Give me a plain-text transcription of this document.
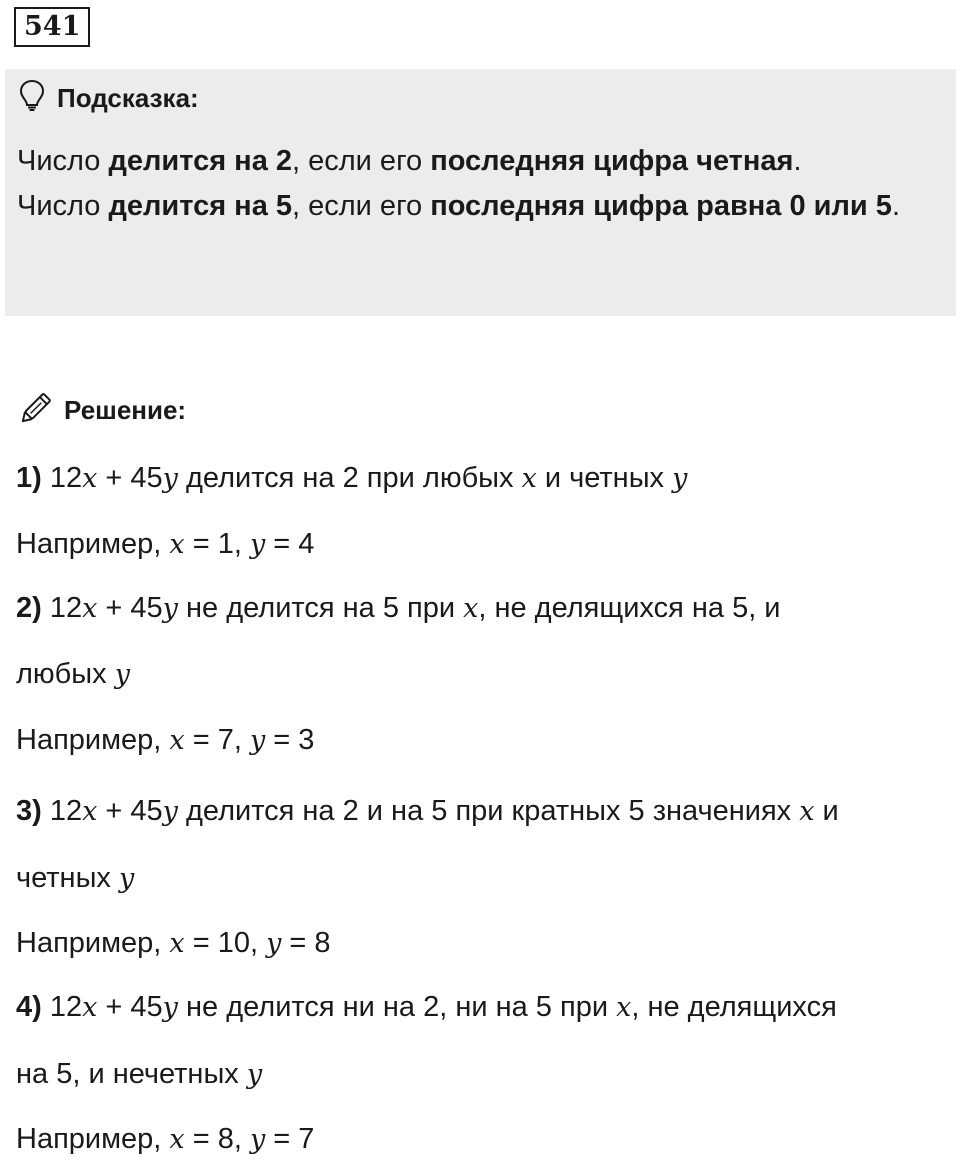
541
Подсказка:
Число делится на 2, если его последняя цифра четная.
Число делится на 5, если его последняя цифра равна 0 или 5.
Решение:
1) 12x + 45y делится на 2 при любых x и четных y
Например, x = 1, y = 4
2) 12x + 45y не делится на 5 при x, не делящихся на 5, и
любых y
Например, x = 7, y = 3
3) 12x + 45y делится на 2 и на 5 при кратных 5 значениях x и
четных y
Например, x = 10, y = 8
4) 12x + 45y не делится ни на 2, ни на 5 при x, не делящихся
на 5, и нечетных y
Например, x = 8, y = 7
